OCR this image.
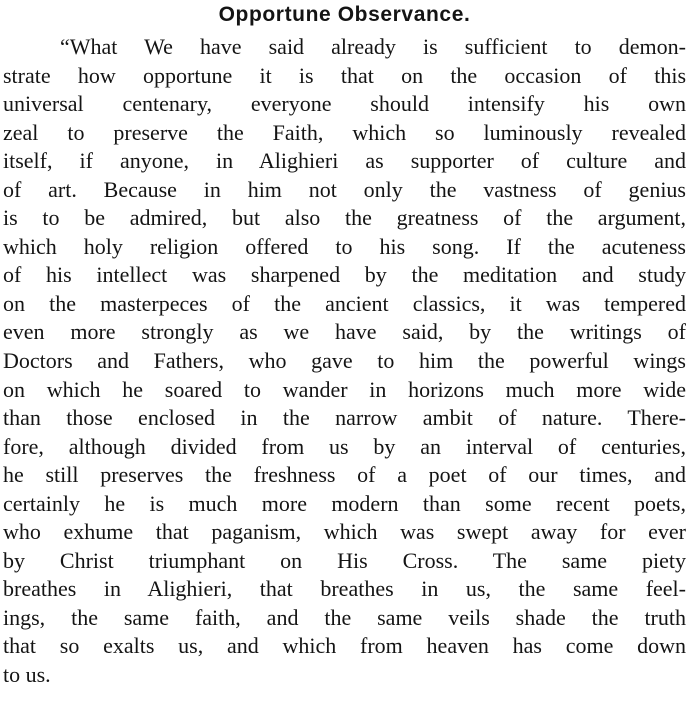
Opportune Observance.
“What We have said already is sufficient to demon-
strate how opportune it is that on the occasion of this
universal centenary, everyone should intensify his own
zeal to preserve the Faith, which so luminously revealed
itself, if anyone, in Alighieri as supporter of culture and
of art. Because in him not only the vastness of genius
is to be admired, but also the greatness of the argument,
which holy religion offered to his song. If the acuteness
of his intellect was sharpened by the meditation and study
on the masterpeces of the ancient classics, it was tempered
even more strongly as we have said, by the writings of
Doctors and Fathers, who gave to him the powerful wings
on which he soared to wander in horizons much more wide
than those enclosed in the narrow ambit of nature. There-
fore, although divided from us by an interval of centuries,
he still preserves the freshness of a poet of our times, and
certainly he is much more modern than some recent poets,
who exhume that paganism, which was swept away for ever
by Christ triumphant on His Cross. The same piety
breathes in Alighieri, that breathes in us, the same feel-
ings, the same faith, and the same veils shade the truth
that so exalts us, and which from heaven has come down
to us.
